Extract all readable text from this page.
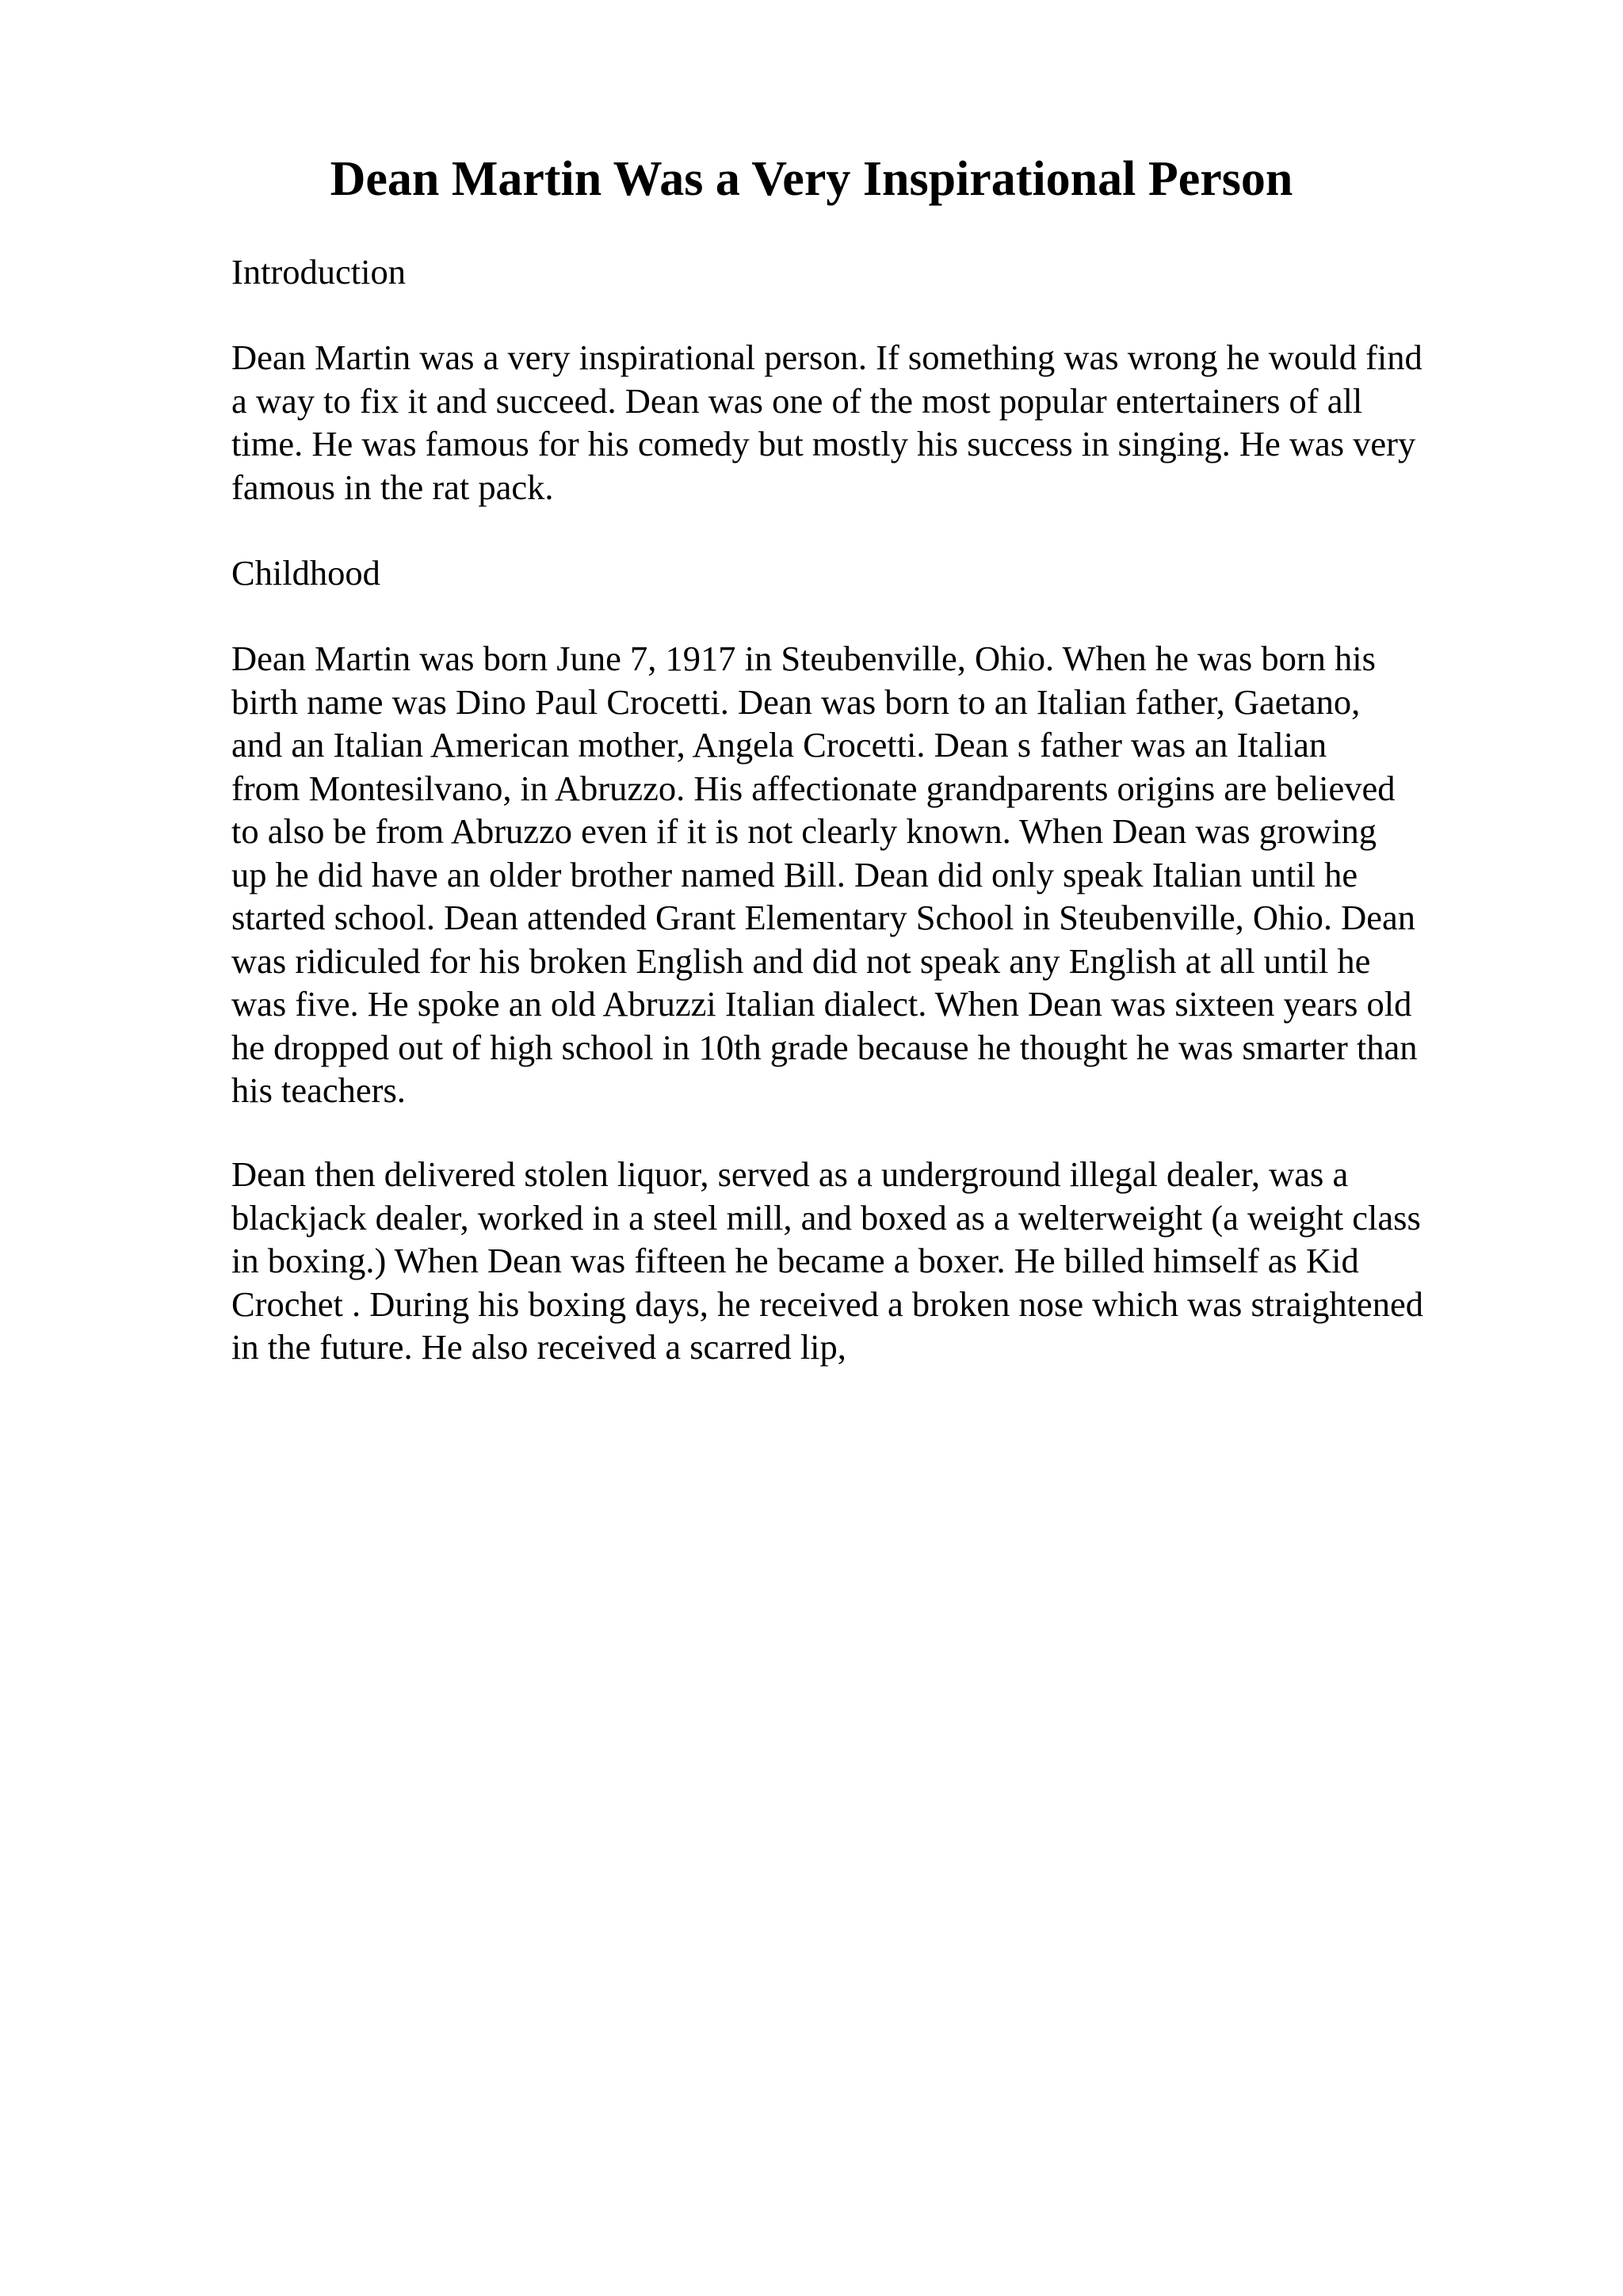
Dean Martin Was a Very Inspirational Person

Introduction

Dean Martin was a very inspirational person. If something was wrong he would find
a way to fix it and succeed. Dean was one of the most popular entertainers of all
time. He was famous for his comedy but mostly his success in singing. He was very
famous in the rat pack.

Childhood

Dean Martin was born June 7, 1917 in Steubenville, Ohio. When he was born his
birth name was Dino Paul Crocetti. Dean was born to an Italian father, Gaetano,
and an Italian American mother, Angela Crocetti. Dean s father was an Italian
from Montesilvano, in Abruzzo. His affectionate grandparents origins are believed
to also be from Abruzzo even if it is not clearly known. When Dean was growing
up he did have an older brother named Bill. Dean did only speak Italian until he
started school. Dean attended Grant Elementary School in Steubenville, Ohio. Dean
was ridiculed for his broken English and did not speak any English at all until he
was five. He spoke an old Abruzzi Italian dialect. When Dean was sixteen years old
he dropped out of high school in 10th grade because he thought he was smarter than
his teachers.

Dean then delivered stolen liquor, served as a underground illegal dealer, was a
blackjack dealer, worked in a steel mill, and boxed as a welterweight (a weight class
in boxing.) When Dean was fifteen he became a boxer. He billed himself as Kid
Crochet . During his boxing days, he received a broken nose which was straightened
in the future. He also received a scarred lip,
